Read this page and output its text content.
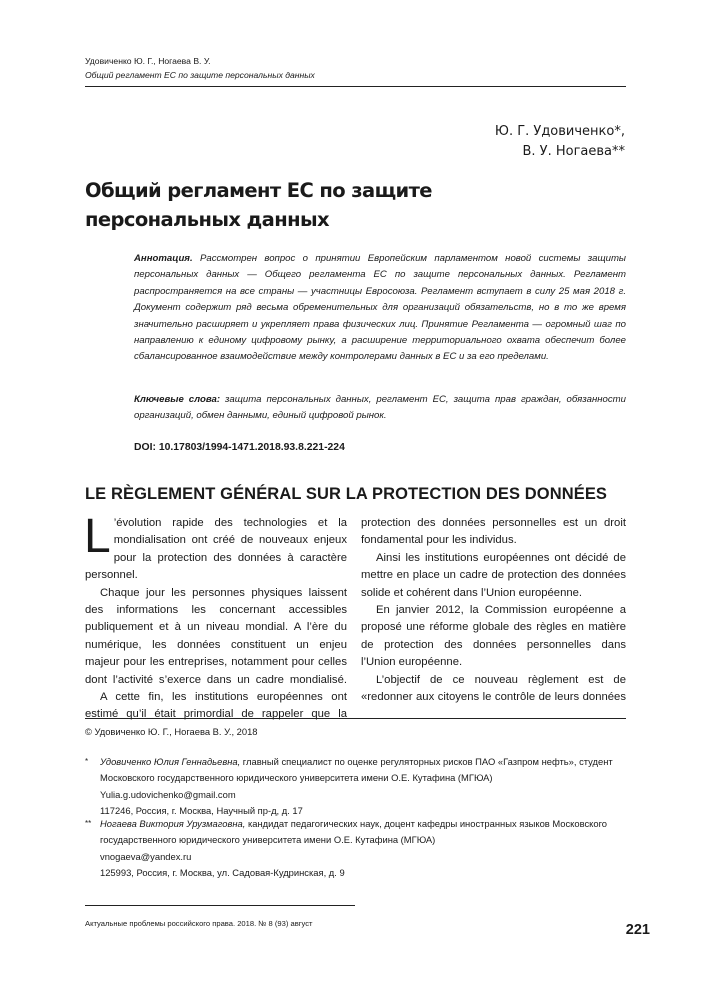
Удовиченко Ю. Г., Ногаева В. У.
Общий регламент ЕС по защите персональных данных
Ю. Г. Удовиченко*,
В. У. Ногаева**
Общий регламент ЕС по защите
персональных данных
Аннотация. Рассмотрен вопрос о принятии Европейским парламентом новой системы защиты персональных данных — Общего регламента ЕС по защите персональных данных. Регламент распространяется на все страны — участницы Евросоюза. Регламент вступает в силу 25 мая 2018 г. Документ содержит ряд весьма обременительных для организаций обязательств, но в то же время значительно расширяет и укрепляет права физических лиц. Принятие Регламента — огромный шаг по направлению к единому цифровому рынку, а расширение территориального охвата обеспечит более сбалансированное взаимодействие между контролерами данных в ЕС и за его пределами.
Ключевые слова: защита персональных данных, регламент ЕС, защита прав граждан, обязанности организаций, обмен данными, единый цифровой рынок.
DOI: 10.17803/1994-1471.2018.93.8.221-224
LE RÈGLEMENT GÉNÉRAL SUR LA PROTECTION DES DONNÉES

L ’évolution rapide des technologies et la mondialisation ont créé de nouveaux enjeux pour la protection des données à caractère personnel.

Chaque jour les personnes physiques laissent des informations les concernant accessibles publiquement et à un niveau mondial. A l’ère du numérique, les données constituent un enjeu majeur pour les entreprises, notamment pour celles dont l’activité s’exerce dans un cadre mondialisé.

A cette fin, les institutions européennes ont estimé qu’il était primordial de rappeler que la

protection des données personnelles est un droit fondamental pour les individus.

Ainsi les institutions européennes ont décidé de mettre en place un cadre de protection des données solide et cohérent dans l’Union européenne.

En janvier 2012, la Commission européenne a proposé une réforme globale des règles en matière de protection des données personnelles dans l’Union européenne.

L’objectif de ce nouveau règlement est de «redonner aux citoyens le contrôle de leurs données

© Удовиченко Ю. Г., Ногаева В. У., 2018
* Удовиченко Юлия Геннадьевна, главный специалист по оценке регуляторных рисков ПАО «Газпром нефть», студент Московского государственного юридического университета имени О.Е. Кутафина (МГЮА)
Yulia.g.udovichenko@gmail.com
117246, Россия, г. Москва, Научный пр-д, д. 17
** Ногаева Виктория Урузмаговна, кандидат педагогических наук, доцент кафедры иностранных языков Московского государственного юридического университета имени О.Е. Кутафина (МГЮА)
vnogaeva@yandex.ru
125993, Россия, г. Москва, ул. Садовая-Кудринская, д. 9
Актуальные проблемы российского права. 2018. № 8 (93) август	221
